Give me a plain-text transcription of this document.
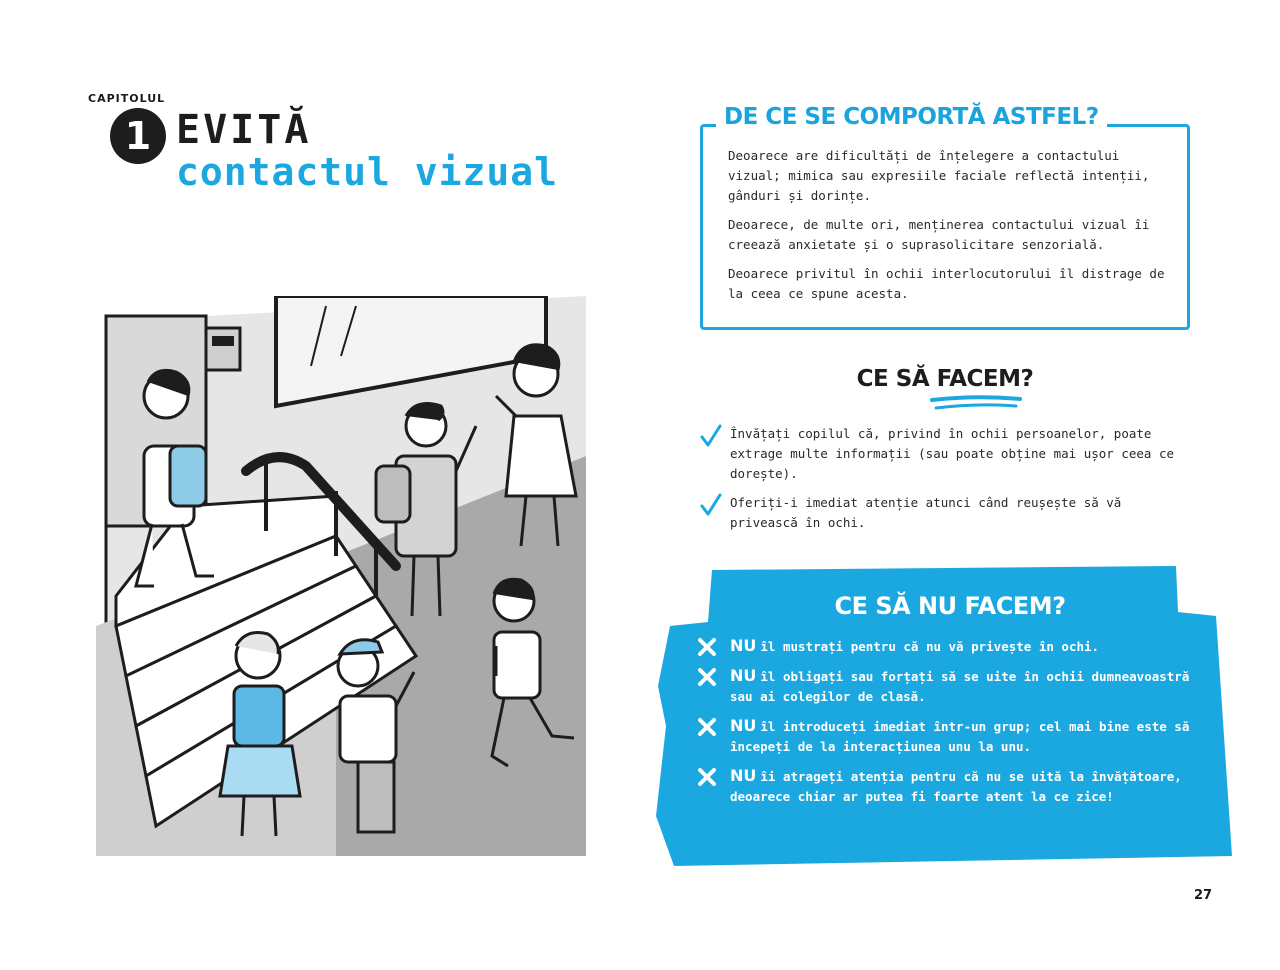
CAPITOLUL
1 EVITĂ
contactul vizual
DE CE SE COMPORTĂ ASTFEL?

Deoarece are dificultăți de înțelegere a contactului vizual; mimica sau expresiile faciale reflectă intenții, gânduri și dorințe.

Deoarece, de multe ori, menținerea contactului vizual îi creează anxietate și o suprasolicitare senzorială.

Deoarece privitul în ochii interlocutorului îl distrage de la ceea ce spune acesta.

CE SĂ FACEM?
Învățați copilul că, privind în ochii persoanelor, poate extrage multe informații (sau poate obține mai ușor ceea ce dorește).
Oferiți-i imediat atenție atunci când reușește să vă privească în ochi.
CE SĂ NU FACEM?
NU îl mustrați pentru că nu vă privește în ochi.
NU îl obligați sau forțați să se uite în ochii dumneavoastră sau ai colegilor de clasă.
NU îl introduceți imediat într-un grup; cel mai bine este să începeți de la interacțiunea unu la unu.
NU îi atrageți atenția pentru că nu se uită la învățătoare, deoarece chiar ar putea fi foarte atent la ce zice!
27
